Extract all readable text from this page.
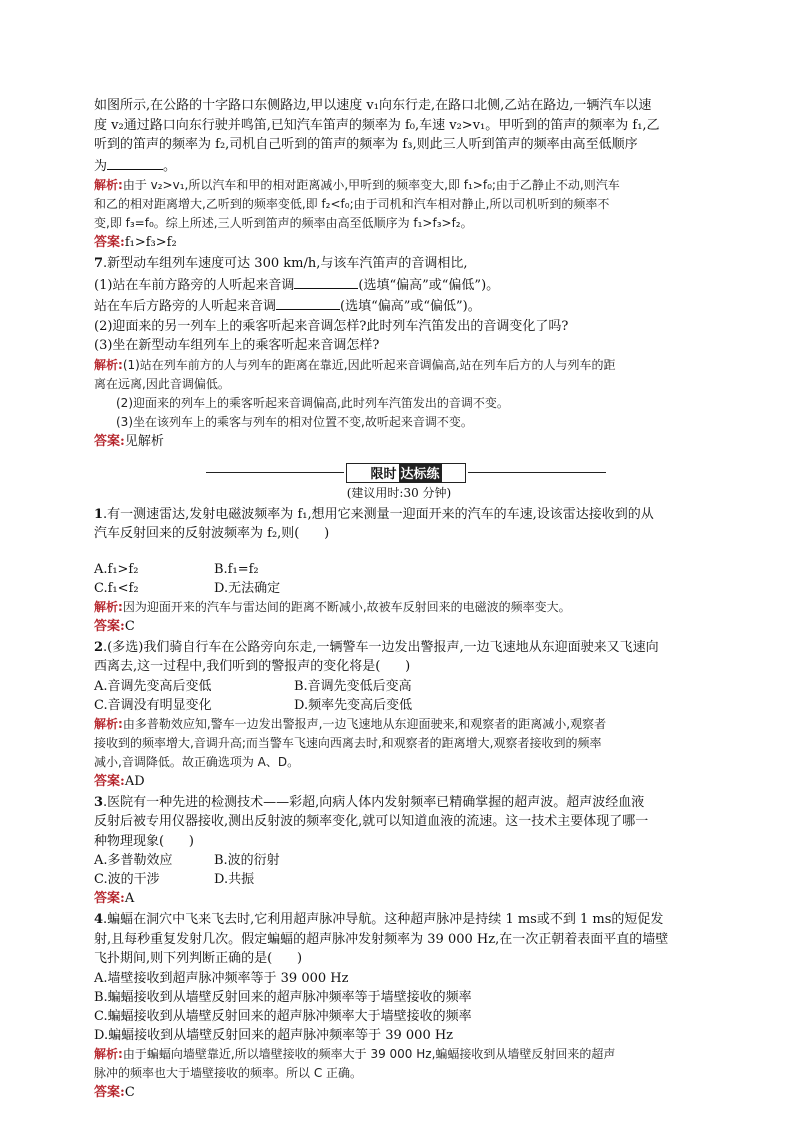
如图所示,在公路的十字路口东侧路边,甲以速度 v₁向东行走,在路口北侧,乙站在路边,一辆汽车以速

度 v₂通过路口向东行驶并鸣笛,已知汽车笛声的频率为 f₀,车速 v₂>v₁。甲听到的笛声的频率为 f₁,乙

听到的笛声的频率为 f₂,司机自己听到的笛声的频率为 f₃,则此三人听到笛声的频率由高至低顺序

为	。

解析:由于 v₂>v₁,所以汽车和甲的相对距离减小,甲听到的频率变大,即 f₁>f₀;由于乙静止不动,则汽车

和乙的相对距离增大,乙听到的频率变低,即 f₂<f₀;由于司机和汽车相对静止,所以司机听到的频率不

变,即 f₃=f₀。综上所述,三人听到笛声的频率由高至低顺序为 f₁>f₃>f₂。

答案:f₁>f₃>f₂

7.新型动车组列车速度可达 300 km/h,与该车汽笛声的音调相比,

(1)站在车前方路旁的人听起来音调	(选填“偏高”或“偏低”)。

站在车后方路旁的人听起来音调	(选填“偏高”或“偏低”)。

(2)迎面来的另一列车上的乘客听起来音调怎样?此时列车汽笛发出的音调变化了吗?

(3)坐在新型动车组列车上的乘客听起来音调怎样?

解析:(1)站在列车前方的人与列车的距离在靠近,因此听起来音调偏高,站在列车后方的人与列车的距

离在远离,因此音调偏低。

(2)迎面来的列车上的乘客听起来音调偏高,此时列车汽笛发出的音调不变。

(3)坐在该列车上的乘客与列车的相对位置不变,故听起来音调不变。

答案:见解析

限时 达标练

(建议用时:30 分钟)

1.有一测速雷达,发射电磁波频率为 f₁,想用它来测量一迎面开来的汽车的车速,设该雷达接收到的从

汽车反射回来的反射波频率为 f₂,则(      )

A.f₁>f₂	B.f₁=f₂
C.f₁<f₂	D.无法确定

解析:因为迎面开来的汽车与雷达间的距离不断减小,故被车反射回来的电磁波的频率变大。

答案:C

2.(多选)我们骑自行车在公路旁向东走,一辆警车一边发出警报声,一边飞速地从东迎面驶来又飞速向

西离去,这一过程中,我们听到的警报声的变化将是(      )

A.音调先变高后变低	B.音调先变低后变高
C.音调没有明显变化	D.频率先变高后变低

解析:由多普勒效应知,警车一边发出警报声,一边飞速地从东迎面驶来,和观察者的距离减小,观察者

接收到的频率增大,音调升高;而当警车飞速向西离去时,和观察者的距离增大,观察者接收到的频率

减小,音调降低。故正确选项为 A、D。

答案:AD

3.医院有一种先进的检测技术——彩超,向病人体内发射频率已精确掌握的超声波。超声波经血液

反射后被专用仪器接收,测出反射波的频率变化,就可以知道血液的流速。这一技术主要体现了哪一

种物理现象(      )

A.多普勒效应	B.波的衍射
C.波的干涉	D.共振

答案:A

4.蝙蝠在洞穴中飞来飞去时,它利用超声脉冲导航。这种超声脉冲是持续 1 ms或不到 1 ms的短促发

射,且每秒重复发射几次。假定蝙蝠的超声脉冲发射频率为 39 000 Hz,在一次正朝着表面平直的墙壁

飞扑期间,则下列判断正确的是(      )

A.墙壁接收到超声脉冲频率等于 39 000 Hz
B.蝙蝠接收到从墙壁反射回来的超声脉冲频率等于墙壁接收的频率
C.蝙蝠接收到从墙壁反射回来的超声脉冲频率大于墙壁接收的频率
D.蝙蝠接收到从墙壁反射回来的超声脉冲频率等于 39 000 Hz

解析:由于蝙蝠向墙壁靠近,所以墙壁接收的频率大于 39 000 Hz,蝙蝠接收到从墙壁反射回来的超声

脉冲的频率也大于墙壁接收的频率。所以 C 正确。

答案:C
